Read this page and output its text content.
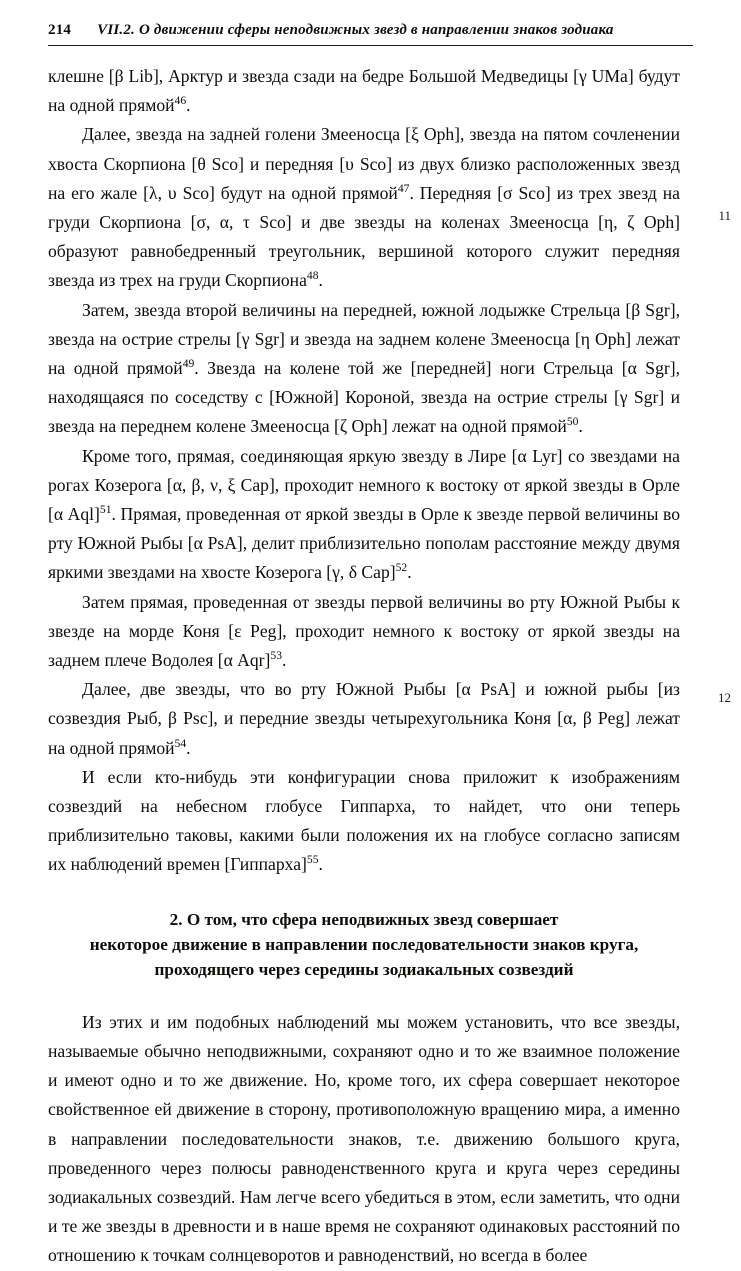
214 VII.2. О движении сферы неподвижных звезд в направлении знаков зодиака

клешне [β Lib], Арктур и звезда сзади на бедре Большой Медведицы [γ UMa] будут на одной прямой$^{46}$.

Далее, звезда на задней голени Змееносца [ξ Oph], звезда на пятом сочленении хвоста Скорпиона [θ Sco] и передняя [υ Sco] из двух близко расположенных звезд на его жале [λ, υ Sco] будут на одной прямой$^{47}$. Передняя [σ Sco] из трех звезд на груди Скорпиона [σ, α, τ Sco] и две звезды на коленах Змееносца [η, ζ Oph] образуют равнобедренный треугольник, вершиной которого служит передняя звезда из трех на груди Скорпиона$^{48}$.

Затем, звезда второй величины на передней, южной лодыжке Стрельца [β Sgr], звезда на острие стрелы [γ Sgr] и звезда на заднем колене Змееносца [η Oph] лежат на одной прямой$^{49}$. Звезда на колене той же [передней] ноги Стрельца [α Sgr], находящаяся по соседству с [Южной] Короной, звезда на острие стрелы [γ Sgr] и звезда на переднем колене Змееносца [ζ Oph] лежат на одной прямой$^{50}$.

Кроме того, прямая, соединяющая яркую звезду в Лире [α Lyr] со звездами на рогах Козерога [α, β, ν, ξ Cap], проходит немного к востоку от яркой звезды в Орле [α Aql]$^{51}$. Прямая, проведенная от яркой звезды в Орле к звезде первой величины во рту Южной Рыбы [α PsA], делит приблизительно пополам расстояние между двумя яркими звездами на хвосте Козерога [γ, δ Cap]$^{52}$.

Затем прямая, проведенная от звезды первой величины во рту Южной Рыбы к звезде на морде Коня [ε Peg], проходит немного к востоку от яркой звезды на заднем плече Водолея [α Aqr]$^{53}$.

Далее, две звезды, что во рту Южной Рыбы [α PsA] и южной рыбы [из созвездия Рыб, β Psc], и передние звезды четырехугольника Коня [α, β Peg] лежат на одной прямой$^{54}$.

И если кто-нибудь эти конфигурации снова приложит к изображениям созвездий на небесном глобусе Гиппарха, то найдет, что они теперь приблизительно таковы, какими были положения их на глобусе согласно записям их наблюдений времен [Гиппарха]$^{55}$.

2. О том, что сфера неподвижных звезд совершает
некоторое движение в направлении последовательности знаков круга,
проходящего через середины зодиакальных созвездий

Из этих и им подобных наблюдений мы можем установить, что все звезды, называемые обычно неподвижными, сохраняют одно и то же взаимное положение и имеют одно и то же движение. Но, кроме того, их сфера совершает некоторое свойственное ей движение в сторону, противоположную вращению мира, а именно в направлении последовательности знаков, т.е. движению большого круга, проведенного через полюсы равноденственного круга и круга через середины зодиакальных созвездий. Нам легче всего убедиться в этом, если заметить, что одни и те же звезды в древности и в наше время не сохраняют одинаковых расстояний по отношению к точкам солнцеворотов и равноденствий, но всегда в более

11
12
